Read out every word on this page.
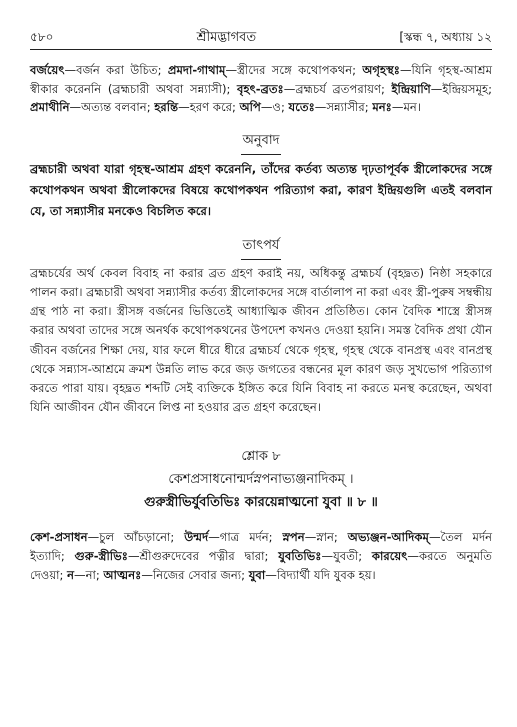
৫৮০	শ্রীমদ্ভাগবত	[স্কন্ধ ৭, অধ্যায় ১২

বর্জয়েৎ—বর্জন করা উচিত; প্রমদা-গাথাম্—স্ত্রীদের সঙ্গে কথোপকথন; অগৃহস্থঃ—যিনি গৃহস্থ-আশ্রম স্বীকার করেননি (ব্রহ্মচারী অথবা সন্ন্যাসী); বৃহৎ-ব্রতঃ—ব্রহ্মচর্য ব্রতপরায়ণ; ইন্দ্রিয়াণি—ইন্দ্রিয়সমূহ; প্রমাথীনি—অত্যন্ত বলবান; হরন্তি—হরণ করে; অপি—ও; যতেঃ—সন্ন্যাসীর; মনঃ—মন।

অনুবাদ

ব্রহ্মচারী অথবা যারা গৃহস্থ-আশ্রম গ্রহণ করেননি, তাঁদের কর্তব্য অত্যন্ত দৃঢ়তাপূর্বক স্ত্রীলোকদের সঙ্গে কথোপকথন অথবা স্ত্রীলোকদের বিষয়ে কথোপকথন পরিত্যাগ করা, কারণ ইন্দ্রিয়গুলি এতই বলবান যে, তা সন্ন্যাসীর মনকেও বিচলিত করে।

তাৎপর্য

ব্রহ্মচর্যের অর্থ কেবল বিবাহ না করার ব্রত গ্রহণ করাই নয়, অধিকন্তু ব্রহ্মচর্য (বৃহদ্ব্রত) নিষ্ঠা সহকারে পালন করা। ব্রহ্মচারী অথবা সন্ন্যাসীর কর্তব্য স্ত্রীলোকদের সঙ্গে বার্তালাপ না করা এবং স্ত্রী-পুরুষ সম্বন্ধীয় গ্রন্থ পাঠ না করা। স্ত্রীসঙ্গ বর্জনের ভিত্তিতেই আধ্যাত্মিক জীবন প্রতিষ্ঠিত। কোন বৈদিক শাস্ত্রে স্ত্রীসঙ্গ করার অথবা তাদের সঙ্গে অনর্থক কথোপকথনের উপদেশ কখনও দেওয়া হয়নি। সমস্ত বৈদিক প্রথা যৌন জীবন বর্জনের শিক্ষা দেয়, যার ফলে ধীরে ধীরে ব্রহ্মচর্য থেকে গৃহস্থ, গৃহস্থ থেকে বানপ্রস্থ এবং বানপ্রস্থ থেকে সন্ন্যাস-আশ্রমে ক্রমশ উন্নতি লাভ করে জড় জগতের বন্ধনের মূল কারণ জড় সুখভোগ পরিত্যাগ করতে পারা যায়। বৃহদ্ব্রত শব্দটি সেই ব্যক্তিকে ইঙ্গিত করে যিনি বিবাহ না করতে মনস্থ করেছেন, অথবা যিনি আজীবন যৌন জীবনে লিপ্ত না হওয়ার ব্রত গ্রহণ করেছেন।

শ্লোক ৮

কেশপ্রসাধনোন্মর্দস্নপনাভ্যঞ্জনাদিকম্ ।

গুরুস্ত্রীভির্যুবতিভিঃ কারয়েন্নাত্মনো যুবা ॥ ৮ ॥

কেশ-প্রসাধন—চুল আঁচড়ানো; উন্মর্দ—গাত্র মর্দন; স্নপন—স্নান; অভ্যঞ্জন-আদিকম্—তৈল মর্দন ইত্যাদি; গুরু-স্ত্রীভিঃ—শ্রীগুরুদেবের পত্নীর দ্বারা; যুবতিভিঃ—যুবতী; কারয়েৎ—করতে অনুমতি দেওয়া; ন—না; আত্মনঃ—নিজের সেবার জন্য; যুবা—বিদ্যার্থী যদি যুবক হয়।
